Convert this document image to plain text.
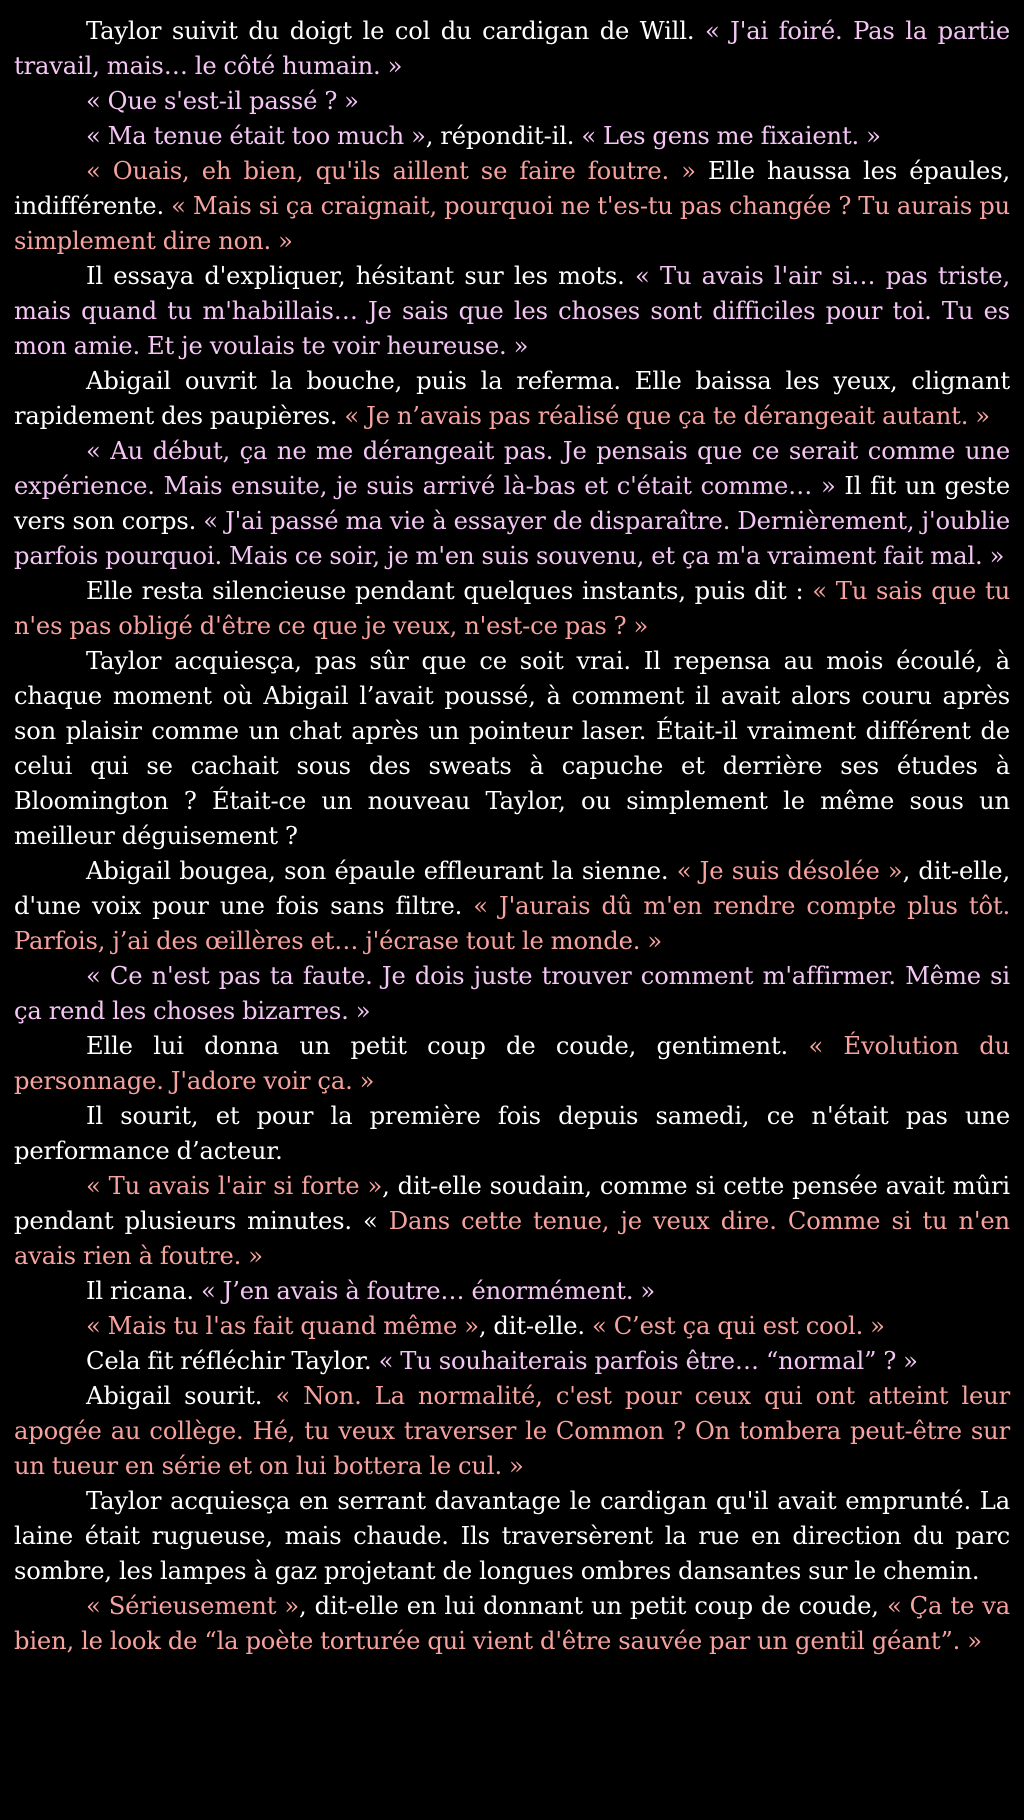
Taylor suivit du doigt le col du cardigan de Will. « J'ai foiré. Pas la partie travail, mais… le côté humain. »

« Que s'est-il passé ? »

« Ma tenue était too much », répondit-il. « Les gens me fixaient. »

« Ouais, eh bien, qu'ils aillent se faire foutre. » Elle haussa les épaules, indifférente. « Mais si ça craignait, pourquoi ne t'es-tu pas changée ? Tu aurais pu simplement dire non. »

Il essaya d'expliquer, hésitant sur les mots. « Tu avais l'air si… pas triste, mais quand tu m'habillais… Je sais que les choses sont difficiles pour toi. Tu es mon amie. Et je voulais te voir heureuse. »

Abigail ouvrit la bouche, puis la referma. Elle baissa les yeux, clignant rapidement des paupières. « Je n’avais pas réalisé que ça te dérangeait autant. »

« Au début, ça ne me dérangeait pas. Je pensais que ce serait comme une expérience. Mais ensuite, je suis arrivé là-bas et c'était comme… » Il fit un geste vers son corps. « J'ai passé ma vie à essayer de disparaître. Dernièrement, j'oublie parfois pourquoi. Mais ce soir, je m'en suis souvenu, et ça m'a vraiment fait mal. »

Elle resta silencieuse pendant quelques instants, puis dit : « Tu sais que tu n'es pas obligé d'être ce que je veux, n'est-ce pas ? »

Taylor acquiesça, pas sûr que ce soit vrai. Il repensa au mois écoulé, à chaque moment où Abigail l’avait poussé, à comment il avait alors couru après son plaisir comme un chat après un pointeur laser. Était-il vraiment différent de celui qui se cachait sous des sweats à capuche et derrière ses études à Bloomington ? Était-ce un nouveau Taylor, ou simplement le même sous un meilleur déguisement ?

Abigail bougea, son épaule effleurant la sienne. « Je suis désolée », dit-elle, d'une voix pour une fois sans filtre. « J'aurais dû m'en rendre compte plus tôt. Parfois, j’ai des œillères et… j'écrase tout le monde. »

« Ce n'est pas ta faute. Je dois juste trouver comment m'affirmer. Même si ça rend les choses bizarres. »

Elle lui donna un petit coup de coude, gentiment. « Évolution du personnage. J'adore voir ça. »

Il sourit, et pour la première fois depuis samedi, ce n'était pas une performance d’acteur.

« Tu avais l'air si forte », dit-elle soudain, comme si cette pensée avait mûri pendant plusieurs minutes. « Dans cette tenue, je veux dire. Comme si tu n'en avais rien à foutre. »

Il ricana. « J’en avais à foutre… énormément. »

« Mais tu l'as fait quand même », dit-elle. « C’est ça qui est cool. »

Cela fit réfléchir Taylor. « Tu souhaiterais parfois être… “normal” ? »

Abigail sourit. « Non. La normalité, c'est pour ceux qui ont atteint leur apogée au collège. Hé, tu veux traverser le Common ? On tombera peut-être sur un tueur en série et on lui bottera le cul. »

Taylor acquiesça en serrant davantage le cardigan qu'il avait emprunté. La laine était rugueuse, mais chaude. Ils traversèrent la rue en direction du parc sombre, les lampes à gaz projetant de longues ombres dansantes sur le chemin.

« Sérieusement », dit-elle en lui donnant un petit coup de coude, « Ça te va bien, le look de “la poète torturée qui vient d'être sauvée par un gentil géant”. »
